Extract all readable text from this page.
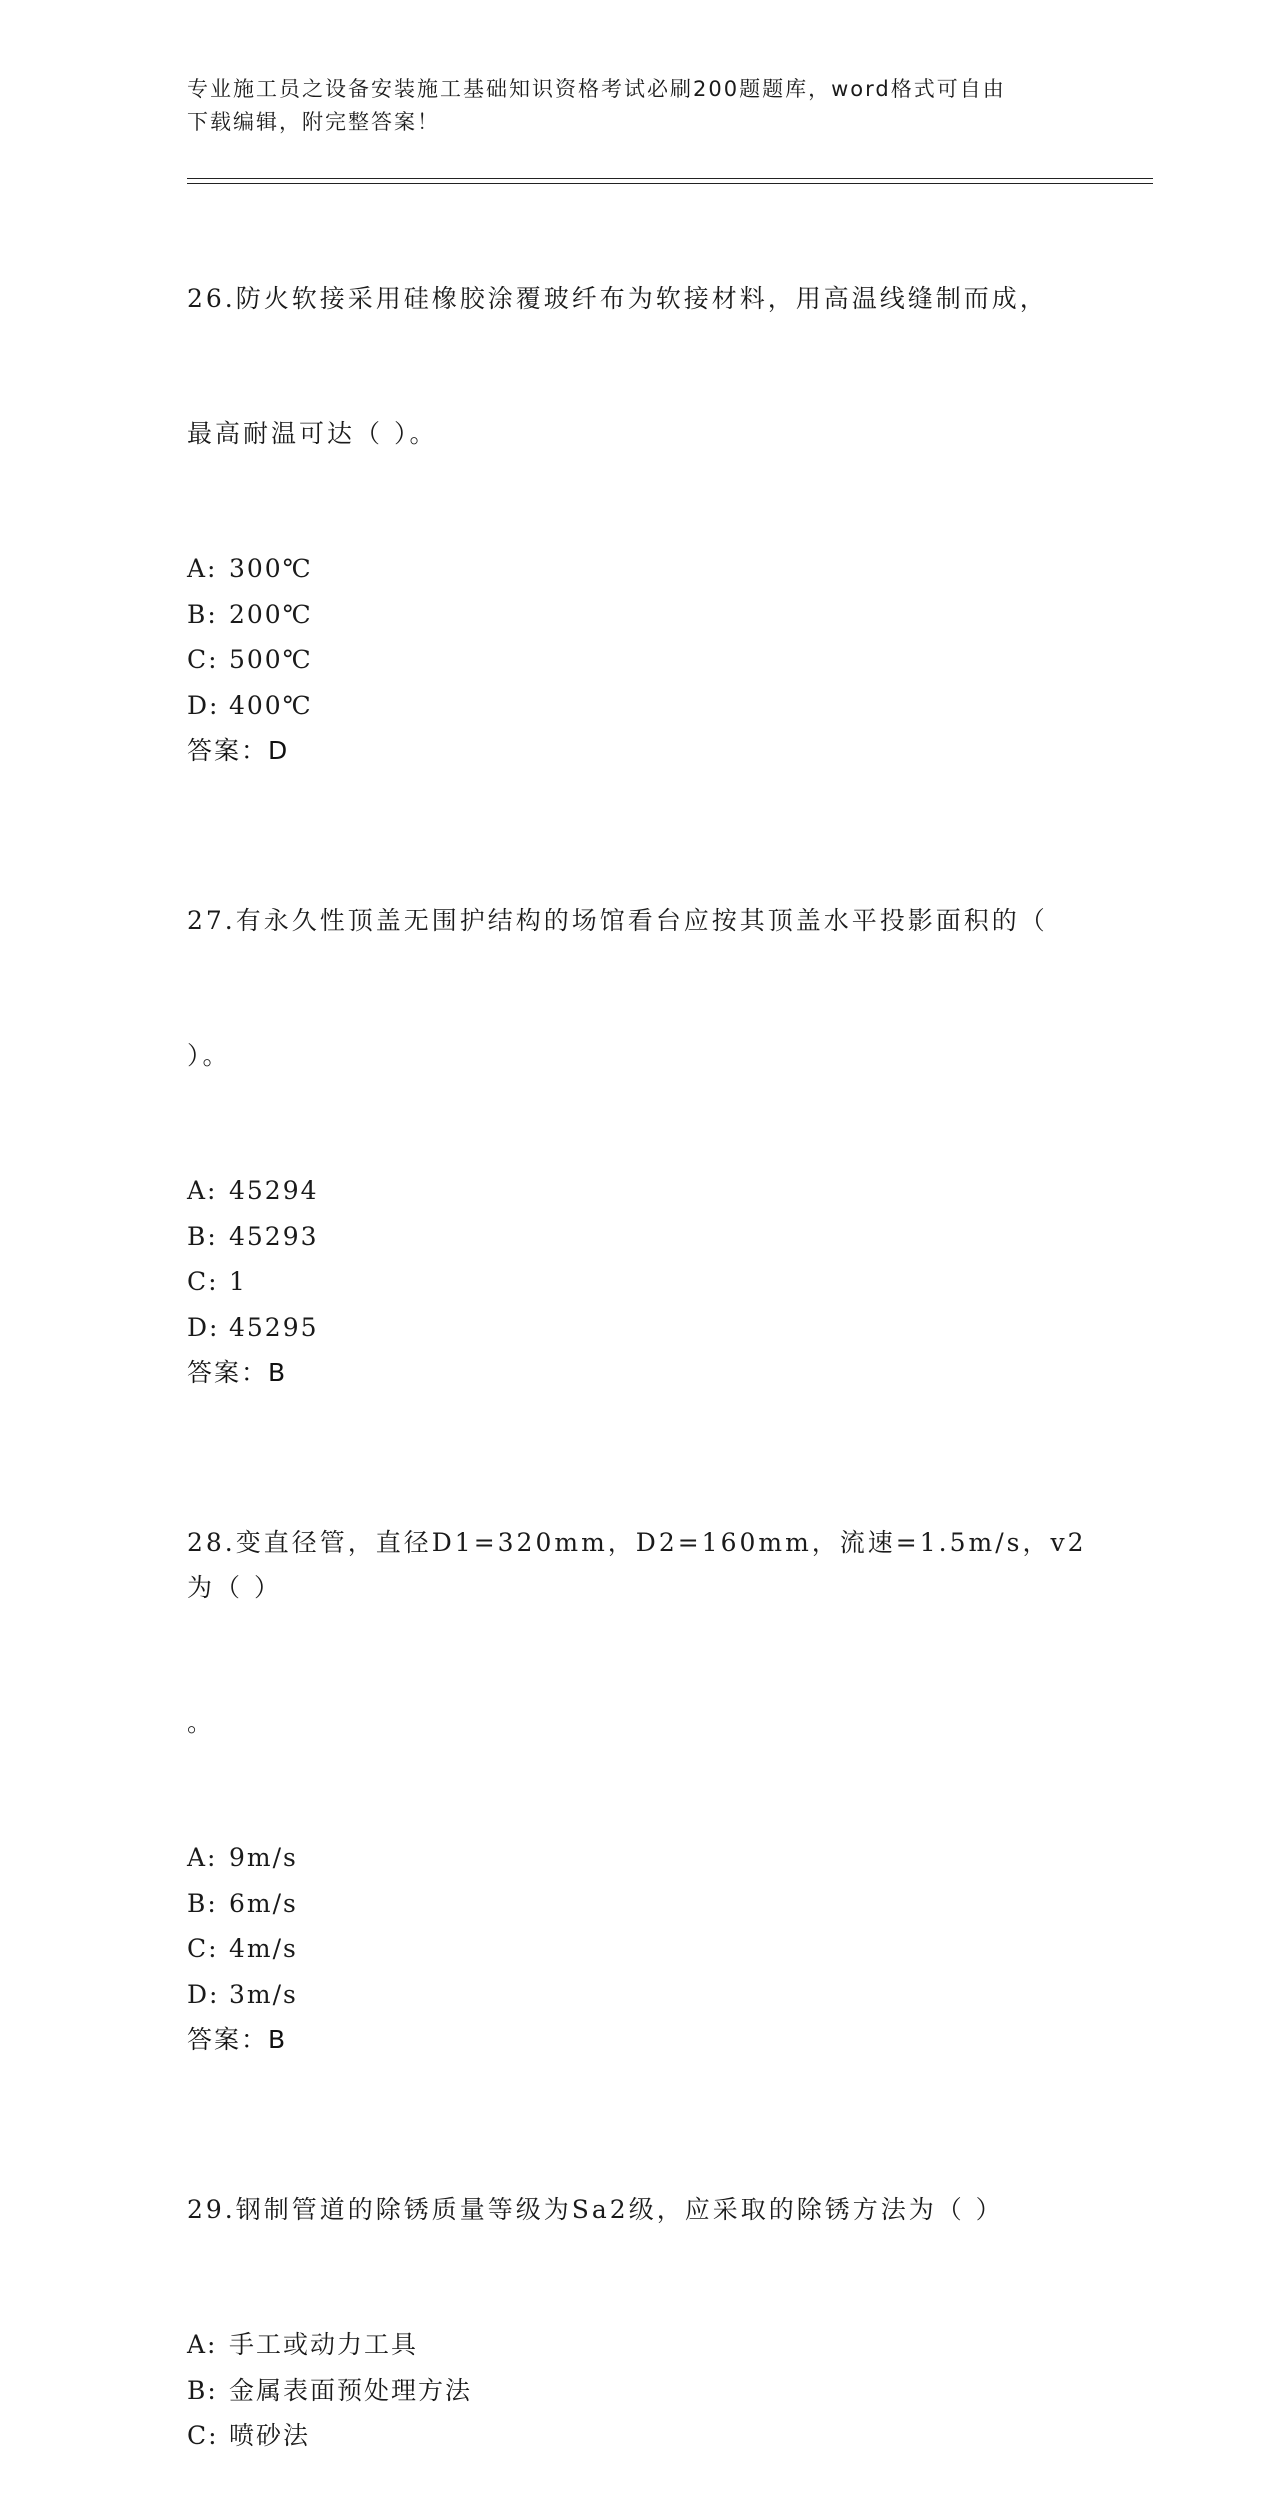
专业施工员之设备安装施工基础知识资格考试必刷200题题库，word格式可自由
下载编辑，附完整答案！

26.防火软接采用硅橡胶涂覆玻纤布为软接材料，用高温线缝制而成，

最高耐温可达（ ）。

A: 300℃
B: 200℃
C: 500℃
D: 400℃
答案： D

27.有永久性顶盖无围护结构的场馆看台应按其顶盖水平投影面积的（

）。

A: 45294
B: 45293
C: 1
D: 45295
答案： B

28.变直径管，直径D1=320mm，D2=160mm，流速=1.5m/s，v2为（ ）

。

A: 9m/s
B: 6m/s
C: 4m/s
D: 3m/s
答案： B

29.钢制管道的除锈质量等级为Sa2级，应采取的除锈方法为（ ）

A: 手工或动力工具
B: 金属表面预处理方法
C: 喷砂法
